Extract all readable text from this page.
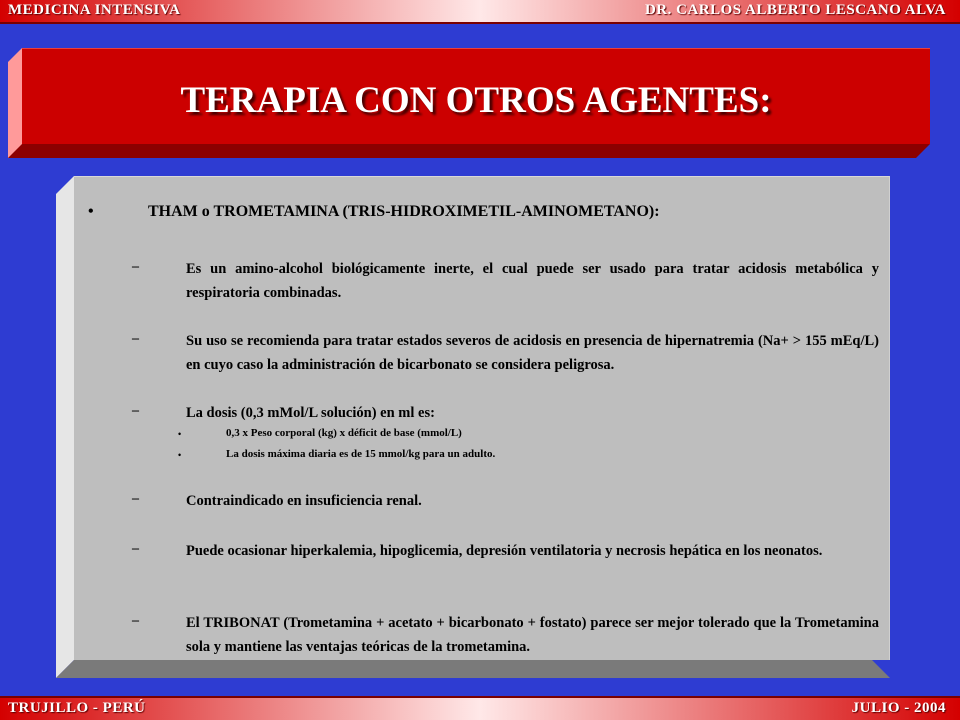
MEDICINA INTENSIVA	DR. CARLOS ALBERTO LESCANO ALVA
TERAPIA CON OTROS AGENTES:
•	THAM o TROMETAMINA (TRIS-HIDROXIMETIL-AMINOMETANO):
–	Es un amino-alcohol biológicamente inerte, el cual puede ser usado para tratar acidosis metabólica y respiratoria combinadas.
–	Su uso se recomienda para tratar estados severos de acidosis en presencia de hipernatremia (Na+ > 155 mEq/L) en cuyo caso la administración de bicarbonato se considera peligrosa.
–	La dosis (0,3 mMol/L solución) en ml es:
•	0,3 x Peso corporal (kg) x déficit de base (mmol/L)
•	La dosis máxima diaria es de 15 mmol/kg para un adulto.
–	Contraindicado en insuficiencia renal.
–	Puede ocasionar hiperkalemia, hipoglicemia, depresión ventilatoria y necrosis hepática en los neonatos.
–	El TRIBONAT (Trometamina + acetato + bicarbonato + fostato) parece ser mejor tolerado que la Trometamina sola y mantiene las ventajas teóricas de la trometamina.
TRUJILLO - PERÚ	JULIO - 2004
